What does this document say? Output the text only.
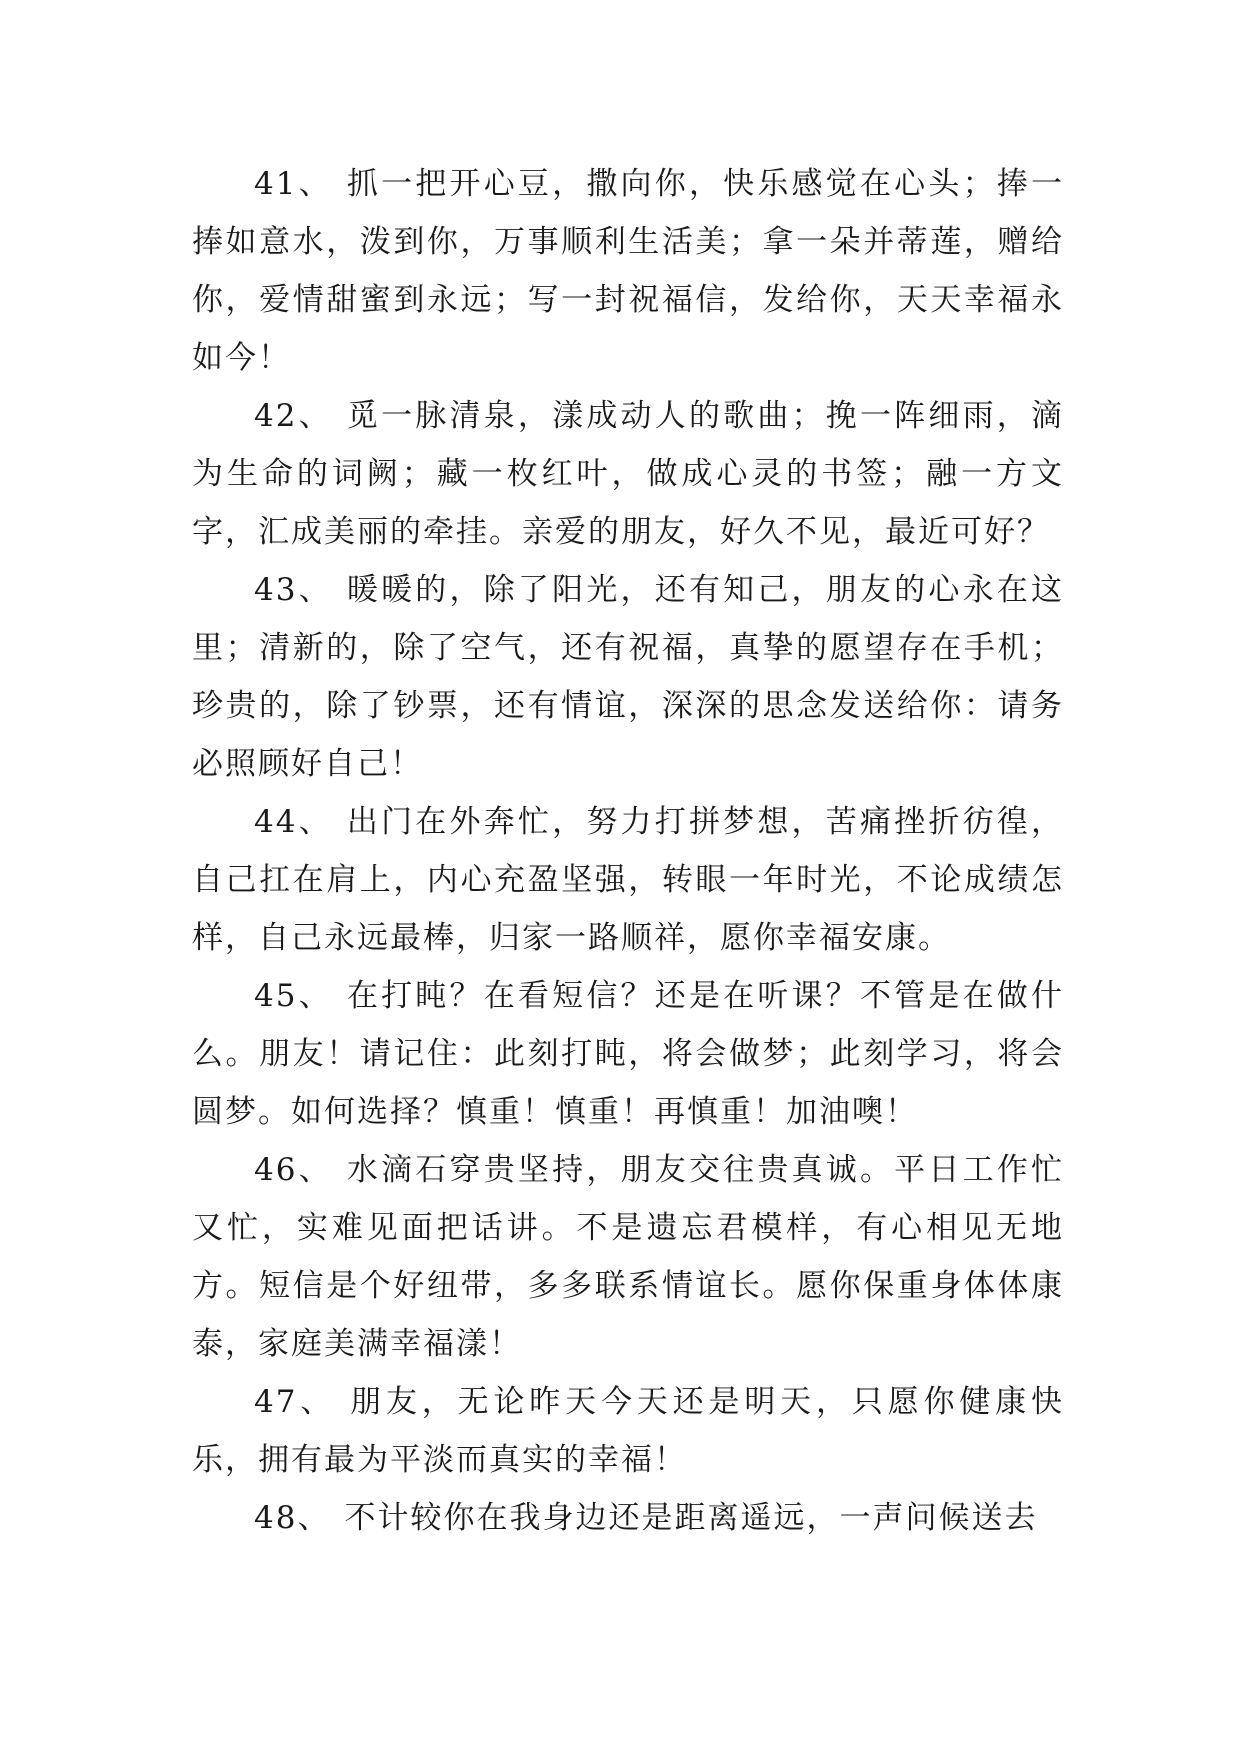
41、 抓一把开心豆，撒向你，快乐感觉在心头；捧一捧如意水，泼到你，万事顺利生活美；拿一朵并蒂莲，赠给你，爱情甜蜜到永远；写一封祝福信，发给你，天天幸福永如今！

42、 觅一脉清泉，漾成动人的歌曲；挽一阵细雨，滴为生命的词阙；藏一枚红叶，做成心灵的书签；融一方文字，汇成美丽的牵挂。亲爱的朋友，好久不见，最近可好？

43、 暖暖的，除了阳光，还有知己，朋友的心永在这里；清新的，除了空气，还有祝福，真挚的愿望存在手机；珍贵的，除了钞票，还有情谊，深深的思念发送给你：请务必照顾好自己！

44、 出门在外奔忙，努力打拼梦想，苦痛挫折彷徨，自己扛在肩上，内心充盈坚强，转眼一年时光，不论成绩怎样，自己永远最棒，归家一路顺祥，愿你幸福安康。

45、 在打盹？在看短信？还是在听课？不管是在做什么。朋友！请记住：此刻打盹，将会做梦；此刻学习，将会圆梦。如何选择？慎重！慎重！再慎重！加油噢！

46、 水滴石穿贵坚持，朋友交往贵真诚。平日工作忙又忙，实难见面把话讲。不是遗忘君模样，有心相见无地方。短信是个好纽带，多多联系情谊长。愿你保重身体体康泰，家庭美满幸福漾！

47、 朋友，无论昨天今天还是明天，只愿你健康快乐，拥有最为平淡而真实的幸福！

48、 不计较你在我身边还是距离遥远，一声问候送去
